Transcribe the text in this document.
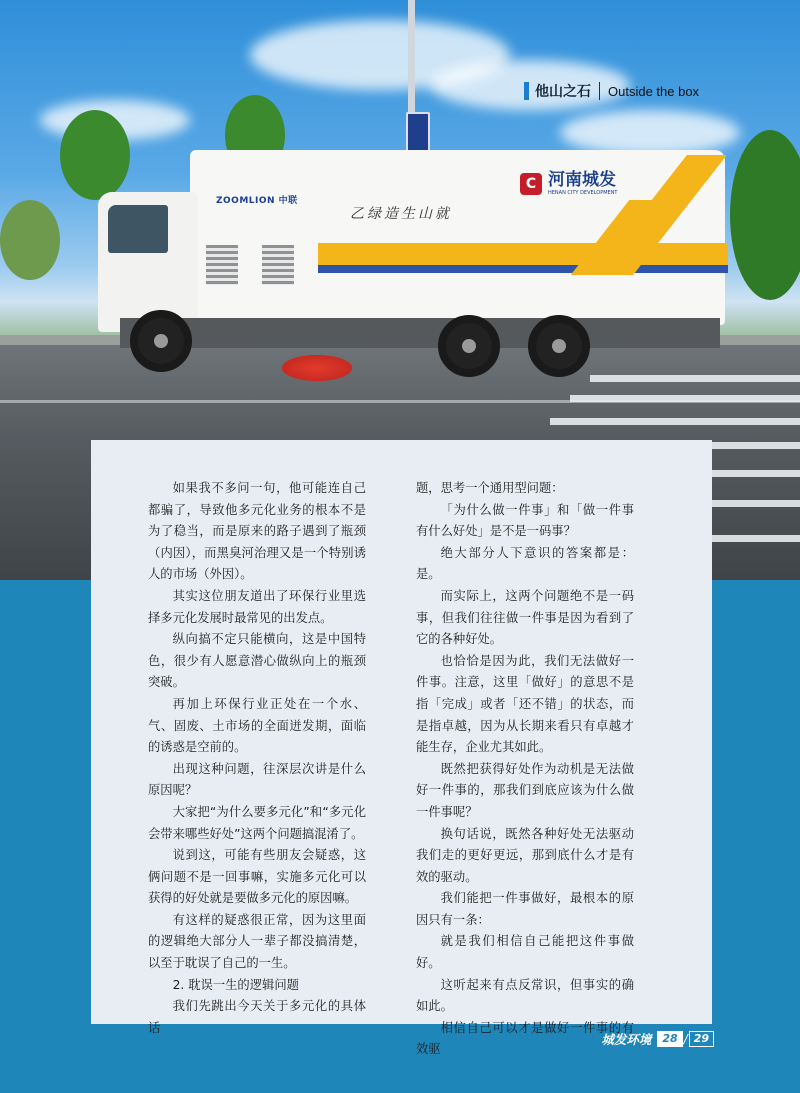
ZOOMLION 中联
乙绿造生山就
C 河南城发
HENAN CITY DEVELOPMENT
他山之石 Outside the box

如果我不多问一句，他可能连自己都骗了，导致他多元化业务的根本不是为了稳当，而是原来的路子遇到了瓶颈（内因），而黑臭河治理又是一个特别诱人的市场（外因）。

其实这位朋友道出了环保行业里选择多元化发展时最常见的出发点。

纵向搞不定只能横向，这是中国特色，很少有人愿意潜心做纵向上的瓶颈突破。

再加上环保行业正处在一个水、气、固废、土市场的全面迸发期，面临的诱惑是空前的。

出现这种问题，往深层次讲是什么原因呢？

大家把“为什么要多元化”和“多元化会带来哪些好处”这两个问题搞混淆了。

说到这，可能有些朋友会疑惑，这俩问题不是一回事嘛，实施多元化可以获得的好处就是要做多元化的原因嘛。

有这样的疑惑很正常，因为这里面的逻辑绝大部分人一辈子都没搞清楚，以至于耽误了自己的一生。

2. 耽误一生的逻辑问题

我们先跳出今天关于多元化的具体话

题，思考一个通用型问题：

「为什么做一件事」和「做一件事有什么好处」是不是一码事？

绝大部分人下意识的答案都是：是。

而实际上，这两个问题绝不是一码事，但我们往往做一件事是因为看到了它的各种好处。

也恰恰是因为此，我们无法做好一件事。注意，这里「做好」的意思不是指「完成」或者「还不错」的状态，而是指卓越，因为从长期来看只有卓越才能生存，企业尤其如此。

既然把获得好处作为动机是无法做好一件事的，那我们到底应该为什么做一件事呢？

换句话说，既然各种好处无法驱动我们走的更好更远，那到底什么才是有效的驱动。

我们能把一件事做好，最根本的原因只有一条：

就是我们相信自己能把这件事做好。

这听起来有点反常识，但事实的确如此。

相信自己可以才是做好一件事的有效驱

城发环境	28 / 29
